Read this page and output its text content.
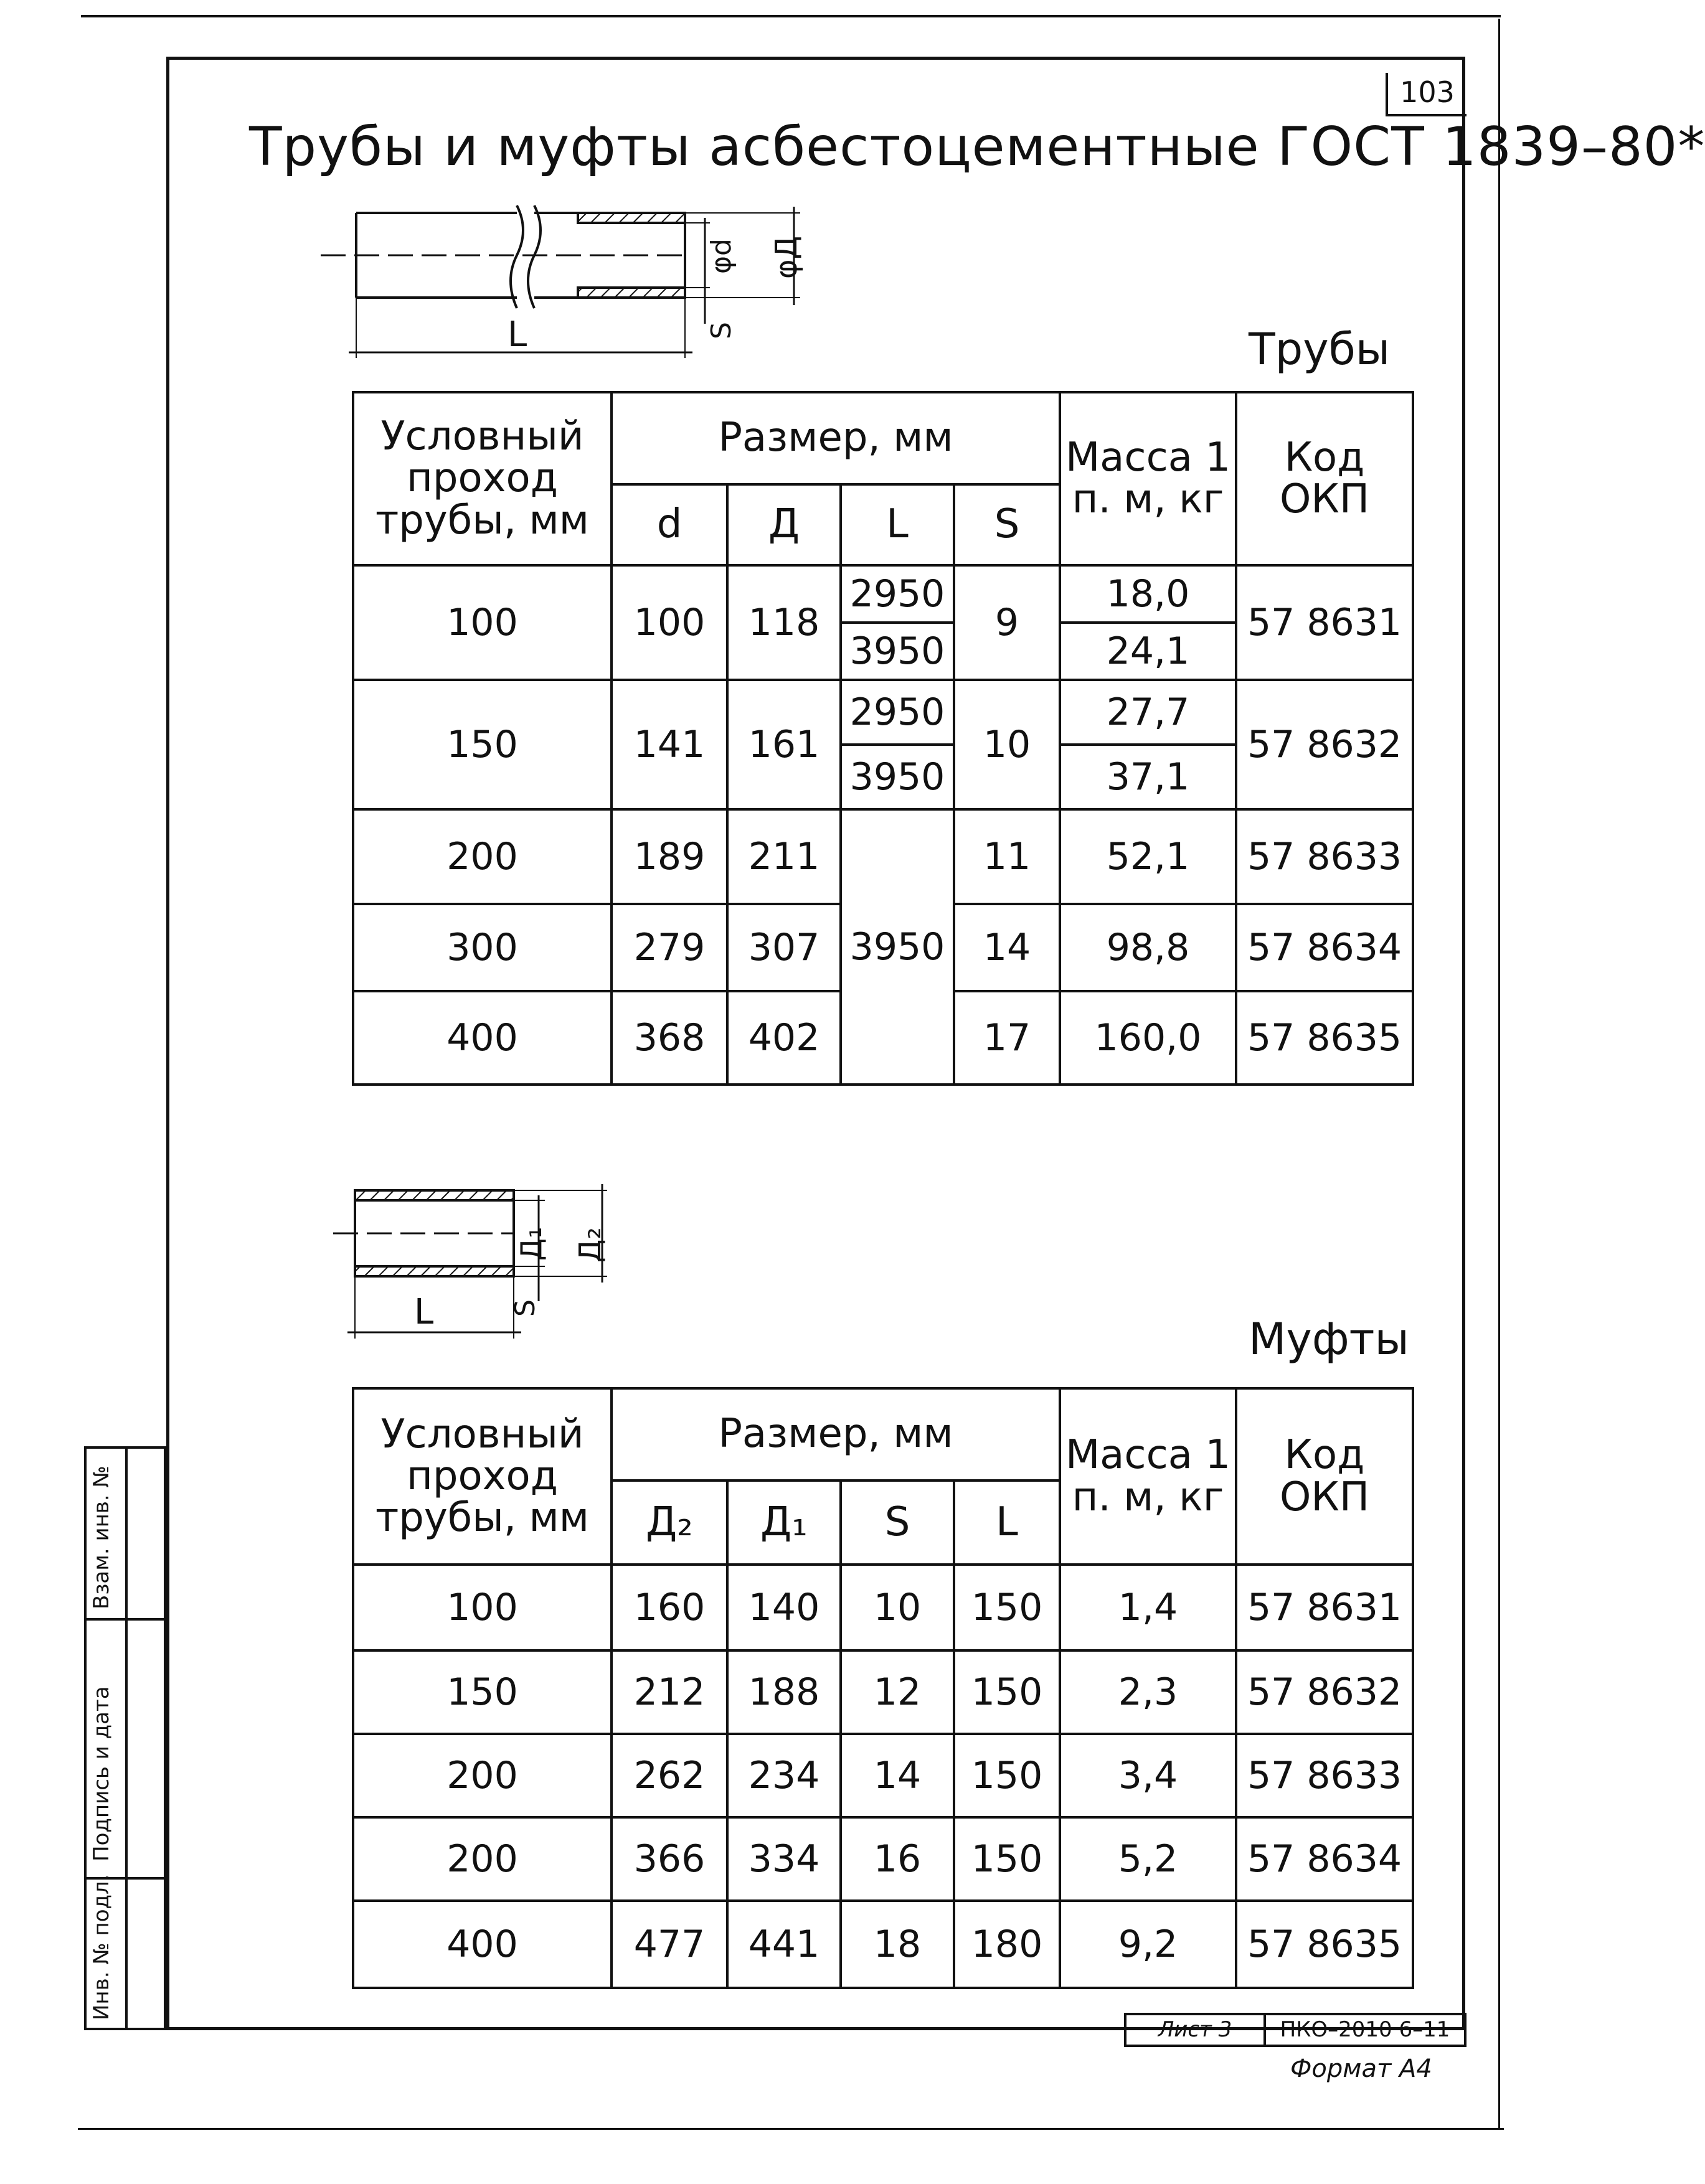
103
Трубы и муфты асбестоцементные ГОСТ 1839–80*
L
φd φД
S	Трубы
Условный проход трубы, мм	Размер, мм				Масса 1 п. м, кг	Код ОКП
	d	Д	L	S		
100	100	118	2950	9	18,0	57 8631
			3950		24,1	
150	141	161	2950	10	27,7	57 8632
			3950		37,1	
200	189	211	3950	11	52,1	57 8633
300	279	307		14	98,8	57 8634
400	368	402		17	160,0	57 8635
L
Д₁ Д₂
S
Муфты
Условный проход трубы, мм	Размер, мм				Масса 1 п. м, кг	Код ОКП
	Д₂	Д₁	S	L		
100	160	140	10	150	1,4	57 8631
150	212	188	12	150	2,3	57 8632
200	262	234	14	150	3,4	57 8633
200	366	334	16	150	5,2	57 8634
400	477	441	18	180	9,2	57 8635
Взам. инв. №
Подпись и дата
Инв. № подл.
Лист 3	ПКО–2010 6–11
Формат А4
